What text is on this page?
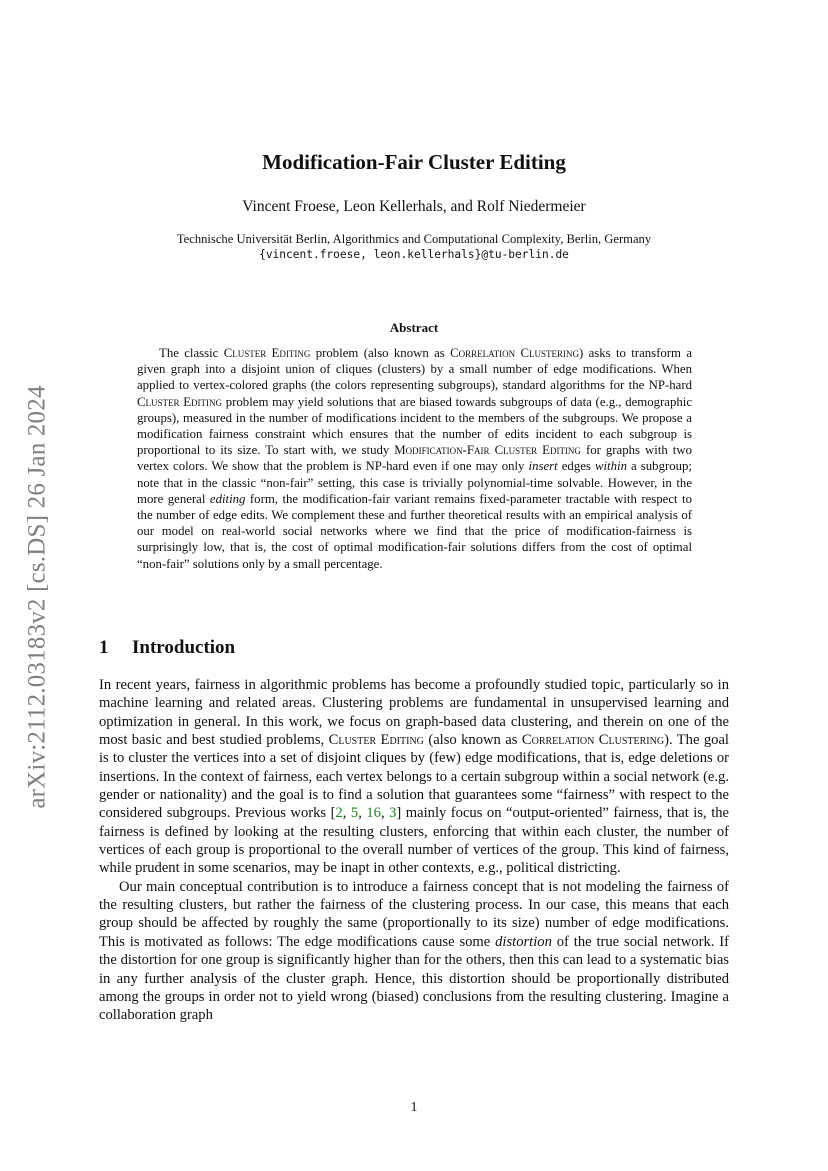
arXiv:2112.03183v2 [cs.DS] 26 Jan 2024
Modification-Fair Cluster Editing
Vincent Froese, Leon Kellerhals, and Rolf Niedermeier
Technische Universität Berlin, Algorithmics and Computational Complexity, Berlin, Germany
{vincent.froese, leon.kellerhals}@tu-berlin.de
Abstract

The classic Cluster Editing problem (also known as Correlation Clustering) asks to transform a given graph into a disjoint union of cliques (clusters) by a small number of edge modifications. When applied to vertex-colored graphs (the colors representing subgroups), standard algorithms for the NP-hard Cluster Editing problem may yield solutions that are biased towards subgroups of data (e.g., demographic groups), measured in the number of modifications incident to the members of the subgroups. We propose a modification fairness constraint which ensures that the number of edits incident to each subgroup is proportional to its size. To start with, we study Modification-Fair Cluster Editing for graphs with two vertex colors. We show that the problem is NP-hard even if one may only insert edges within a subgroup; note that in the classic “non-fair” setting, this case is trivially polynomial-time solvable. However, in the more general editing form, the modification-fair variant remains fixed-parameter tractable with respect to the number of edge edits. We complement these and further theoretical results with an empirical analysis of our model on real-world social networks where we find that the price of modification-fairness is surprisingly low, that is, the cost of optimal modification-fair solutions differs from the cost of optimal “non-fair” solutions only by a small percentage.

1 Introduction

In recent years, fairness in algorithmic problems has become a profoundly studied topic, particularly so in machine learning and related areas. Clustering problems are fundamental in unsupervised learning and optimization in general. In this work, we focus on graph-based data clustering, and therein on one of the most basic and best studied problems, Cluster Editing (also known as Correlation Clustering). The goal is to cluster the vertices into a set of disjoint cliques by (few) edge modifications, that is, edge deletions or insertions. In the context of fairness, each vertex belongs to a certain subgroup within a social network (e.g. gender or nationality) and the goal is to find a solution that guarantees some “fairness” with respect to the considered subgroups. Previous works [2, 5, 16, 3] mainly focus on “output-oriented” fairness, that is, the fairness is defined by looking at the resulting clusters, enforcing that within each cluster, the number of vertices of each group is proportional to the overall number of vertices of the group. This kind of fairness, while prudent in some scenarios, may be inapt in other contexts, e.g., political districting.

Our main conceptual contribution is to introduce a fairness concept that is not modeling the fairness of the resulting clusters, but rather the fairness of the clustering process. In our case, this means that each group should be affected by roughly the same (proportionally to its size) number of edge modifications. This is motivated as follows: The edge modifications cause some distortion of the true social network. If the distortion for one group is significantly higher than for the others, then this can lead to a systematic bias in any further analysis of the cluster graph. Hence, this distortion should be proportionally distributed among the groups in order not to yield wrong (biased) conclusions from the resulting clustering. Imagine a collaboration graph

1
